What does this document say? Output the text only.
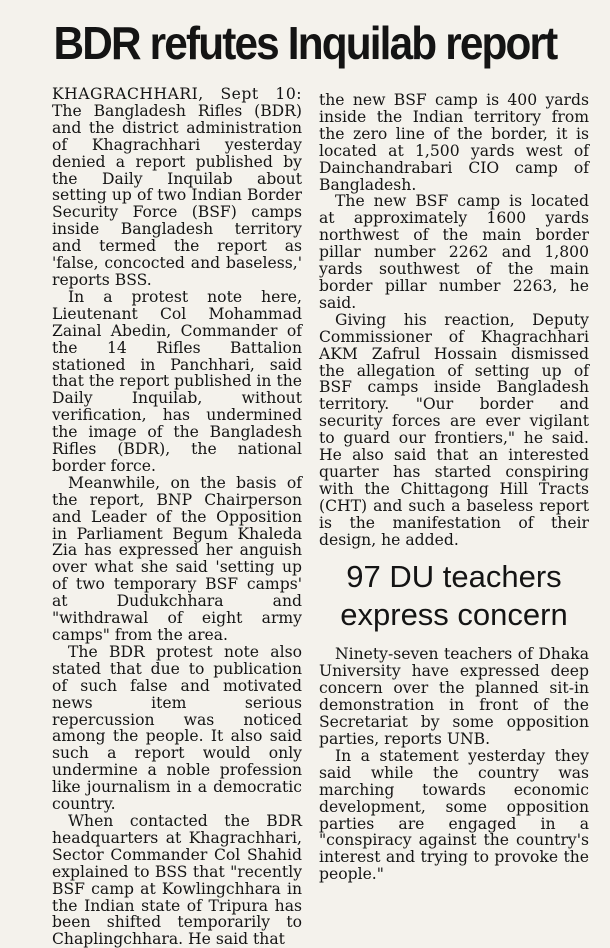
BDR refutes Inquilab report

KHAGRACHHARI, Sept 10: The Bangladesh Rifles (BDR) and the district administration of Khagrachhari yesterday denied a report published by the Daily Inquilab about setting up of two Indian Border Security Force (BSF) camps inside Bangladesh territory and termed the report as 'false, concocted and baseless,' reports BSS.

In a protest note here, Lieutenant Col Mohammad Zainal Abedin, Commander of the 14 Rifles Battalion stationed in Panchhari, said that the report published in the Daily Inquilab, without verification, has undermined the image of the Bangladesh Rifles (BDR), the national border force.

Meanwhile, on the basis of the report, BNP Chairperson and Leader of the Opposition in Parliament Begum Khaleda Zia has expressed her anguish over what she said 'setting up of two temporary BSF camps' at Dudukchhara and "withdrawal of eight army camps" from the area.

The BDR protest note also stated that due to publication of such false and motivated news item serious repercussion was noticed among the people. It also said such a report would only undermine a noble profession like journalism in a democratic country.

When contacted the BDR headquarters at Khagrachhari, Sector Commander Col Shahid explained to BSS that "recently BSF camp at Kowlingchhara in the Indian state of Tripura has been shifted temporarily to Chaplingchhara. He said that

the new BSF camp is 400 yards inside the Indian territory from the zero line of the border, it is located at 1,500 yards west of Dainchandrabari CIO camp of Bangladesh.

The new BSF camp is located at approximately 1600 yards northwest of the main border pillar number 2262 and 1,800 yards southwest of the main border pillar number 2263, he said.

Giving his reaction, Deputy Commissioner of Khagrachhari AKM Zafrul Hossain dismissed the allegation of setting up of BSF camps inside Bangladesh territory. "Our border and security forces are ever vigilant to guard our frontiers," he said. He also said that an interested quarter has started conspiring with the Chittagong Hill Tracts (CHT) and such a baseless report is the manifestation of their design, he added.

97 DU teachers express concern

Ninety-seven teachers of Dhaka University have expressed deep concern over the planned sit-in demonstration in front of the Secretariat by some opposition parties, reports UNB.

In a statement yesterday they said while the country was marching towards economic development, some opposition parties are engaged in a "conspiracy against the country's interest and trying to provoke the people."
